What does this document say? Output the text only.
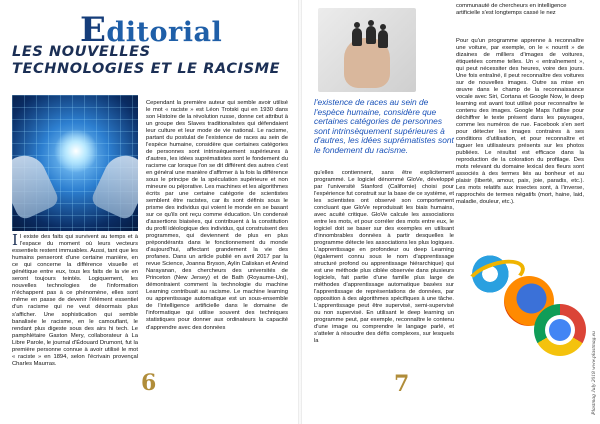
Plastmag July 2018 www.plastmag.eu
Editorial
LES NOUVELLES TECHNOLOGIES ET LE RACISME
Il existe des faits qui survivent au temps et à l'espace du moment où leurs vecteurs essentiels restent immuables. Aussi, tant que les humains penseront d'une certaine manière, en ce qui concerne la différence visuelle et génétique entre eux, tous les faits de la vie en seront toujours teintés. Logiquement, les nouvelles technologies de l'information n'échappent pas à ce phénomène, elles sont même en passe de devenir l'élément essentiel d'un racisme qui ne veut désormais plus s'afficher. Une sophistication qui semble banalisée le racisme, en le camouflant, le rendant plus digeste sous des airs hi tech. Le pamphlétaire Gaston Mery, collaborateur à La Libre Parole, le journal d'Édouard Drumont, fut la première personne connue à avoir utilisé le mot « raciste » en 1894, selon l'écrivain provençal Charles Maurras.
Cependant la première auteur qui semble avoir utilisé le mot « raciste » est Léon Trotski qui en 1930 dans son Histoire de la révolution russe, donne cet attribut à un groupe des Slaves traditionalistes qui défendaient leur culture et leur mode de vie national. Le racisme, partant du postulat de l'existence de races au sein de l'espèce humaine, considère que certaines catégories de personnes sont intrinsèquement supérieures à d'autres, les idées suprématistes sont le fondement du racisme car lorsque l'on se dit différent des autres c'est en général une manière d'affirmer à la fois la différence sous le principe de la spéculation supérieure et non mineure ou péjorative. Les machines et les algorithmes écrits par une certaine catégorie de scientistes semblent être racistes, car ils sont définis sous le prisme des individus qui voient le monde en se basant sur ce qu'ils ont reçu comme éducation. Un condensé d'assertions biaisées, qui contribuent à la constitution du profil idéologique des individus, qui construisent des programmes, qui deviennent de plus en plus prépondérants dans le fonctionnement du monde d'aujourd'hui, affectant grandement la vie des profanes. Dans un article publié en avril 2017 par la revue Science, Joanna Bryson, Aylin Caliskan et Arvind Narayanan, des chercheurs des universités de Princeton (New Jersey) et de Bath (Royaume-Uni), démontraient comment la technologie du machine Learning contribuait au racisme. Le machine learning ou apprentissage automatique est un sous-ensemble de l'intelligence artificielle dans le domaine de l'informatique qui utilise souvent des techniques statistiques pour donner aux ordinateurs la capacité d'apprendre avec des données
6	7
l'existence de races au sein de l'espèce humaine, considère que certaines catégories de personnes sont intrinsèquement supérieures à d'autres, les idées suprématistes sont le fondement du racisme.
qu'elles contiennent, sans être explicitement programmé. Le logiciel dénommé GloVe, développé par l'université Stanford (Californie) choisi pour l'expérience fut construit sur la base de ce système, et les scientistes ont observé son comportement concluant que GloVe reproduisait les biais humains, avec acuité critique. GloVe calcule les associations entre les mots, et pour corréler des mots entre eux, le logiciel doit se baser sur des exemples en utilisant d'innombrables données à partir desquelles le programme détecte les associations les plus logiques. L'apprentissage en profondeur ou deep Learning (également connu sous le nom d'apprentissage structuré profond ou apprentissage hiérarchique) qui est une méthode plus ciblée observée dans plusieurs logiciels, fait partie d'une famille plus large de méthodes d'apprentissage automatique basées sur l'apprentissage de représentations de données, par opposition à des algorithmes spécifiques à une tâche. L'apprentissage peut être supervisé, semi-supervisé ou non supervisé. En utilisant le deep learning un programme peut, par exemple, reconnaître le contenu d'une image ou comprendre le langage parlé, et s'atteler à résoudre des défis complexes, sur lesquels la
communauté de chercheurs en intelligence artificielle s'est longtemps cassé le nez
Pour qu'un programme apprenne à reconnaître une voiture, par exemple, on le « nourrit » de dizaines de milliers d'images de voitures, étiquetées comme telles. Un « entraînement », qui peut nécessiter des heures, voire des jours. Une fois entraîné, il peut reconnaître des voitures sur de nouvelles images. Outre sa mise en œuvre dans le champ de la reconnaissance vocale avec Siri, Cortana et Google Now, le deep learning est avant tout utilisé pour reconnaître le contenu des images. Google Maps l'utilise pour déchiffrer le texte présent dans les paysages, comme les numéros de rue. Facebook s'en sert pour détecter les images contraires à ses conditions d'utilisation, et pour reconnaître et taguer les utilisateurs présents sur les photos publiées. Le résultat est efficace dans la reproduction de la coloration du profilage. Des mots relevant du domaine lexical des fleurs sont associés à des termes liés au bonheur et au plaisir (liberté, amour, paix, joie, paradis, etc.). Les mots relatifs aux insectes sont, à l'inverse, rapprochés de termes négatifs (mort, haine, laid, maladie, douleur, etc.).
